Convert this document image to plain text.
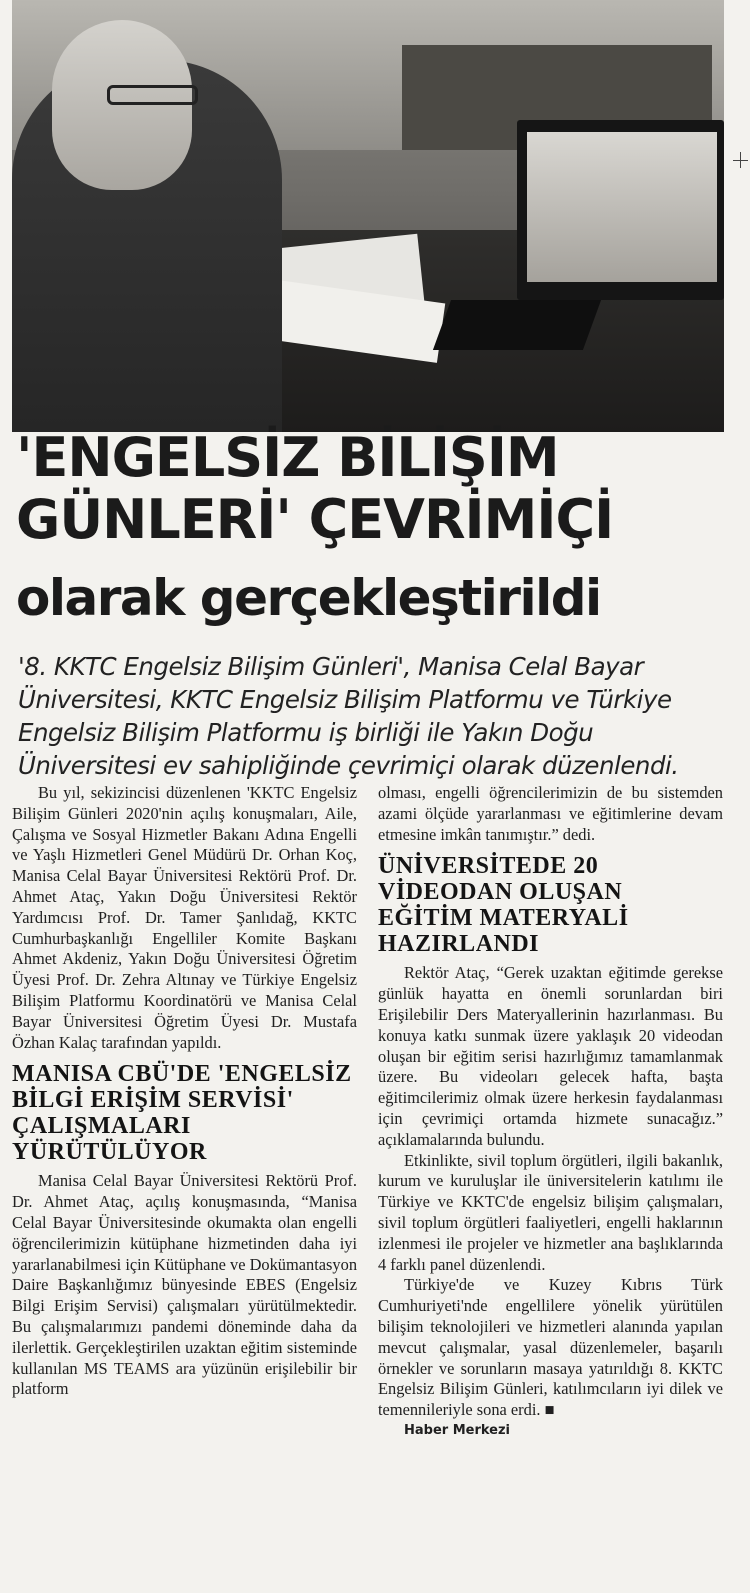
'ENGELSİZ BİLİŞİM
GÜNLERİ' ÇEVRİMİÇİ
olarak gerçekleştirildi

'8. KKTC Engelsiz Bilişim Günleri', Manisa Celal Bayar Üniversitesi, KKTC Engelsiz Bilişim Platformu ve Türkiye Engelsiz Bilişim Platformu iş birliği ile Yakın Doğu Üniversitesi ev sahipliğinde çevrimiçi olarak düzenlendi.

Bu yıl, sekizincisi düzenlenen 'KKTC Engelsiz Bilişim Günleri 2020'nin açılış konuşmaları, Aile, Çalışma ve Sosyal Hizmetler Bakanı Adına Engelli ve Yaşlı Hizmetleri Genel Müdürü Dr. Orhan Koç, Manisa Celal Bayar Üniversitesi Rektörü Prof. Dr. Ahmet Ataç, Yakın Doğu Üniversitesi Rektör Yardımcısı Prof. Dr. Tamer Şanlıdağ, KKTC Cumhurbaşkanlığı Engelliler Komite Başkanı Ahmet Akdeniz, Yakın Doğu Üniversitesi Öğretim Üyesi Prof. Dr. Zehra Altınay ve Türkiye Engelsiz Bilişim Platformu Koordinatörü ve Manisa Celal Bayar Üniversitesi Öğretim Üyesi Dr. Mustafa Özhan Kalaç tarafından yapıldı.

MANISA CBÜ'DE 'ENGELSİZ BİLGİ ERİŞİM SERVİSİ' ÇALIŞMALARI YÜRÜTÜLÜYOR

Manisa Celal Bayar Üniversitesi Rektörü Prof. Dr. Ahmet Ataç, açılış konuşmasında, “Manisa Celal Bayar Üniversitesinde okumakta olan engelli öğrencilerimizin kütüphane hizmetinden daha iyi yararlanabilmesi için Kütüphane ve Dokümantasyon Daire Başkanlığımız bünyesinde EBES (Engelsiz Bilgi Erişim Servisi) çalışmaları yürütülmektedir. Bu çalışmalarımızı pandemi döneminde daha da ilerlettik. Gerçekleştirilen uzaktan eğitim sisteminde kullanılan MS TEAMS ara yüzünün erişilebilir bir platform

olması, engelli öğrencilerimizin de bu sistemden azami ölçüde yararlanması ve eğitimlerine devam etmesine imkân tanımıştır.” dedi.

ÜNİVERSİTEDE 20 VİDEODAN OLUŞAN EĞİTİM MATERYALİ HAZIRLANDI

Rektör Ataç, “Gerek uzaktan eğitimde gerekse günlük hayatta en önemli sorunlardan biri Erişilebilir Ders Materyallerinin hazırlanması. Bu konuya katkı sunmak üzere yaklaşık 20 videodan oluşan bir eğitim serisi hazırlığımız tamamlanmak üzere. Bu videoları gelecek hafta, başta eğitimcilerimiz olmak üzere herkesin faydalanması için çevrimiçi ortamda hizmete sunacağız.” açıklamalarında bulundu.

Etkinlikte, sivil toplum örgütleri, ilgili bakanlık, kurum ve kuruluşlar ile üniversitelerin katılımı ile Türkiye ve KKTC'de engelsiz bilişim çalışmaları, sivil toplum örgütleri faaliyetleri, engelli haklarının izlenmesi ile projeler ve hizmetler ana başlıklarında 4 farklı panel düzenlendi.

Türkiye'de ve Kuzey Kıbrıs Türk Cumhuriyeti'nde engellilere yönelik yürütülen bilişim teknolojileri ve hizmetleri alanında yapılan mevcut çalışmalar, yasal düzenlemeler, başarılı örnekler ve sorunların masaya yatırıldığı 8. KKTC Engelsiz Bilişim Günleri, katılımcıların iyi dilek ve temennileriyle sona erdi. ■

Haber Merkezi
